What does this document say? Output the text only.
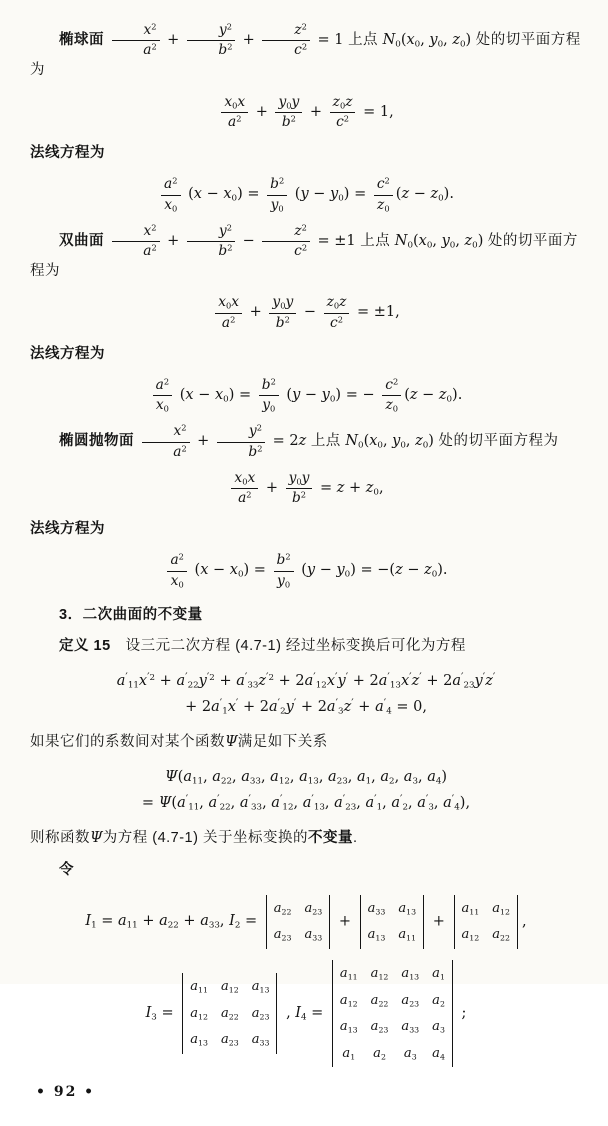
椭球面 $\frac{x^2}{a^2} + \frac{y^2}{b^2} + \frac{z^2}{c^2} = 1$ 上点 $N_0(x_0$, $y_0$, $z_0$) 处的切平面方程为
$\frac{x_0x}{a^2} + \frac{y_0y}{b^2} + \frac{z_0z}{c^2} = 1$,
法线方程为
$\frac{a^2}{x_0} (x - x_0) = \frac{b^2}{y_0} (y - y_0) = \frac{c^2}{z_0} (z - z_0)$.
双曲面 $\frac{x^2}{a^2} + \frac{y^2}{b^2} - \frac{z^2}{c^2} = \pm 1$ 上点 $N_0(x_0$, $y_0$, $z_0$) 处的切平面方程为
$\frac{x_0x}{a^2} + \frac{y_0y}{b^2} - \frac{z_0z}{c^2} = \pm 1$,
法线方程为
$\frac{a^2}{x_0} (x - x_0) = \frac{b^2}{y_0} (y - y_0)$ = − $\frac{c^2}{z_0} (z - z_0)$.
椭圆抛物面 $\frac{x^2}{a^2} + \frac{y^2}{b^2} = 2z$ 上点 $N_0(x_0$, $y_0$, $z_0$) 处的切平面方程为
$\frac{x_0x}{a^2} + \frac{y_0y}{b^2} = z + z_0$,
法线方程为
$\frac{a^2}{x_0} (x - x_0) = \frac{b^2}{y_0} (y - y_0) = -(z - z_0)$.
3．二次曲面的不变量
定义 15　设三元二次方程 (4.7-1) 经过坐标变换后可化为方程
$a'_{11}x^{'2} + a'_{22}y^{'2} + a'_{33}z^{'2} + 2a'_{12}x'y' + 2a'_{13}x'z' + 2a'_{23}y'z'$
+ $2a'_1x' + 2a'_2y' + 2a'_3z' + a'_4 = 0$,
如果它们的系数间对某个函数Ψ满足如下关系
$\Psi(a_{11}$, $a_{22}$, $a_{33}$, $a_{12}$, $a_{13}$, $a_{23}$, $a_1$, $a_2$, $a_3$, $a_4$)
= $\Psi(a'_{11}$, $a'_{22}$, $a'_{33}$, $a'_{12}$, $a'_{13}$, $a'_{23}$, $a'_1$, $a'_2$, $a'_3$, $a'_4$),
则称函数Ψ为方程 (4.7-1) 关于坐标变换的不变量.
令
$I_1 = a_{11} + a_{22} + a_{33}$, $I_2$ =
$a_{22}$ $a_{23}$
$a_{23}$ $a_{33}$
+
$a_{33}$ $a_{13}$
$a_{13}$ $a_{11}$
+
$a_{11}$ $a_{12}$
$a_{12}$ $a_{22}$
,
$I_3$ =
$a_{11}$ $a_{12}$ $a_{13}$
$a_{12}$ $a_{22}$ $a_{23}$
$a_{13}$ $a_{23}$ $a_{33}$
, $I_4$ =
$a_{11}$ $a_{12}$ $a_{13}$ $a_1$
$a_{12}$ $a_{22}$ $a_{23}$ $a_2$
$a_{13}$ $a_{23}$ $a_{33}$ $a_3$
$a_1$ $a_2$ $a_3$ $a_4$
;
• 92 •
